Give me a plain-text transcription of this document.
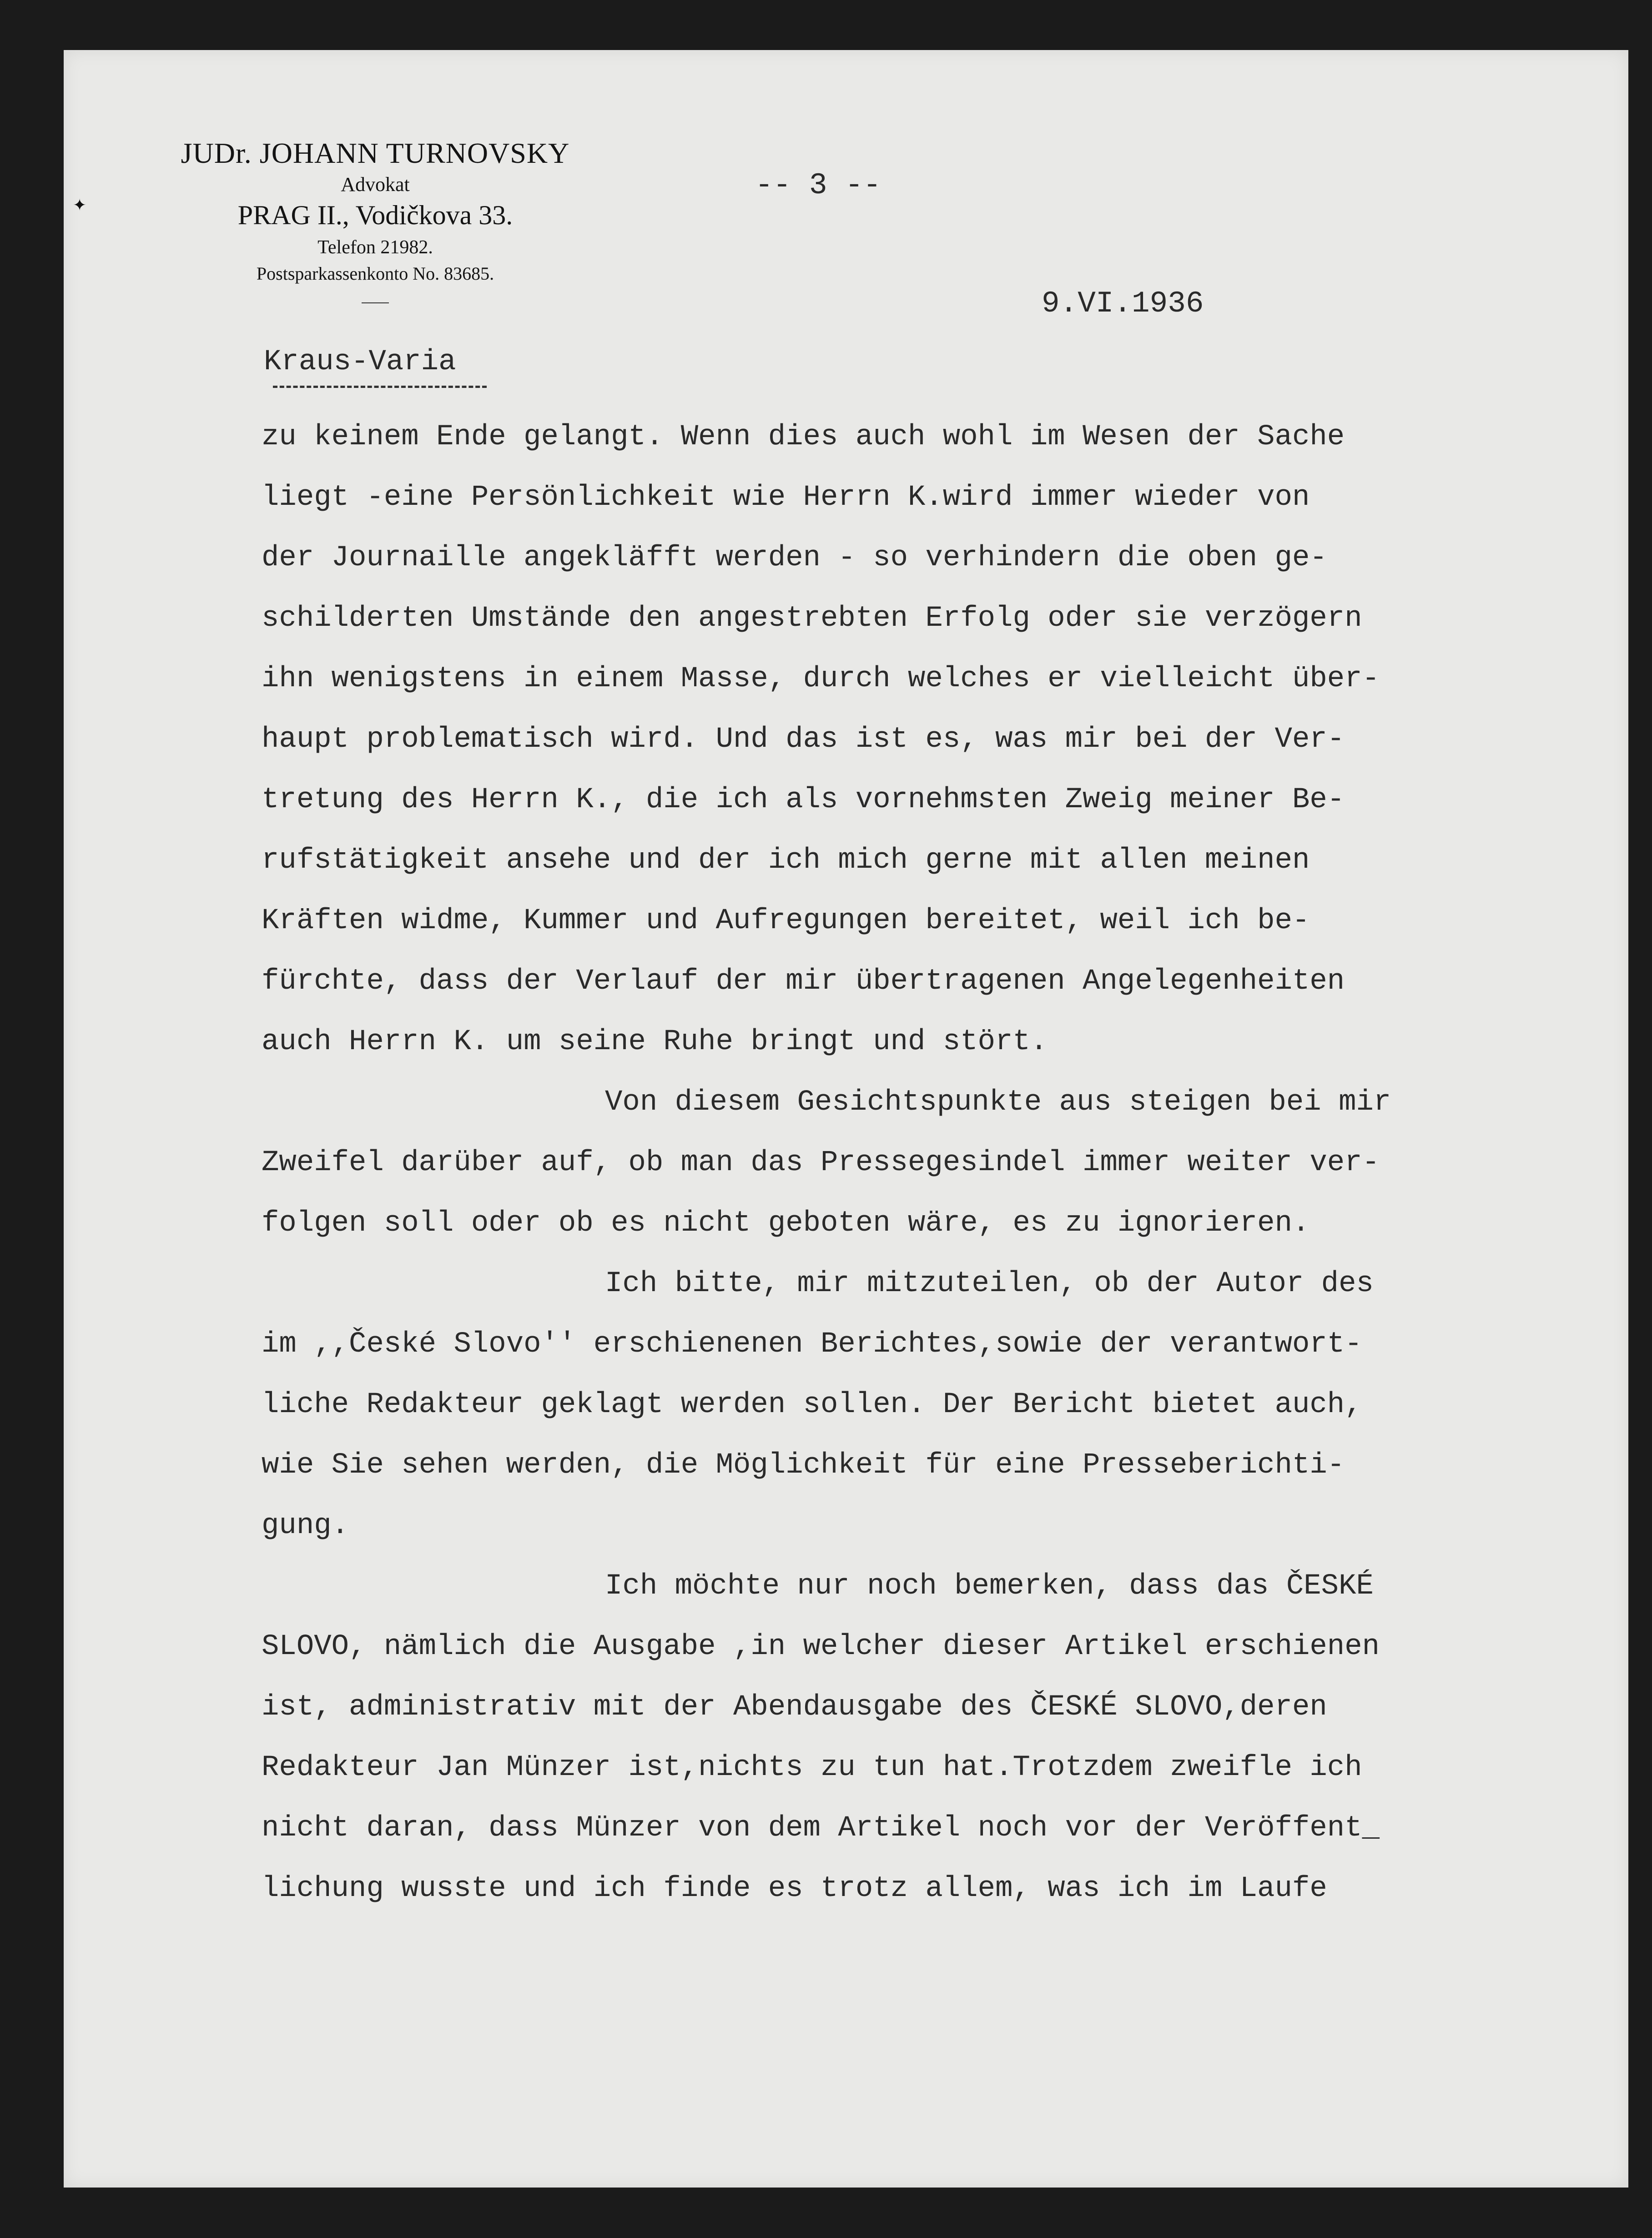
JUDr. JOHANN TURNOVSKY
Advokat
PRAG II., Vodičkova 33.
Telefon 21982.
Postsparkassenkonto No. 83685.
✦
-- 3 --
9.VI.1936
Kraus-Varia
zu keinem Ende gelangt. Wenn dies auch wohl im Wesen der Sache
liegt -eine Persönlichkeit wie Herrn K.wird immer wieder von
der Journaille angekläfft werden - so verhindern die oben ge-
schilderten Umstände den angestrebten Erfolg oder sie verzögern
ihn wenigstens in einem Masse, durch welches er vielleicht über-
haupt problematisch wird. Und das ist es, was mir bei der Ver-
tretung des Herrn K., die ich als vornehmsten Zweig meiner Be-
rufstätigkeit ansehe und der ich mich gerne mit allen meinen
Kräften widme, Kummer und Aufregungen bereitet, weil ich be-
fürchte, dass der Verlauf der mir übertragenen Angelegenheiten
auch Herrn K. um seine Ruhe bringt und stört.
Von diesem Gesichtspunkte aus steigen bei mir
Zweifel darüber auf, ob man das Pressegesindel immer weiter ver-
folgen soll oder ob es nicht geboten wäre, es zu ignorieren.
Ich bitte, mir mitzuteilen, ob der Autor des
im ,,České Slovo'' erschienenen Berichtes,sowie der verantwort-
liche Redakteur geklagt werden sollen. Der Bericht bietet auch,
wie Sie sehen werden, die Möglichkeit für eine Presseberichti-
gung.
Ich möchte nur noch bemerken, dass das ČESKÉ
SLOVO, nämlich die Ausgabe ,in welcher dieser Artikel erschienen
ist, administrativ mit der Abendausgabe des ČESKÉ SLOVO,deren
Redakteur Jan Münzer ist,nichts zu tun hat.Trotzdem zweifle ich
nicht daran, dass Münzer von dem Artikel noch vor der Veröffent_
lichung wusste und ich finde es trotz allem, was ich im Laufe
